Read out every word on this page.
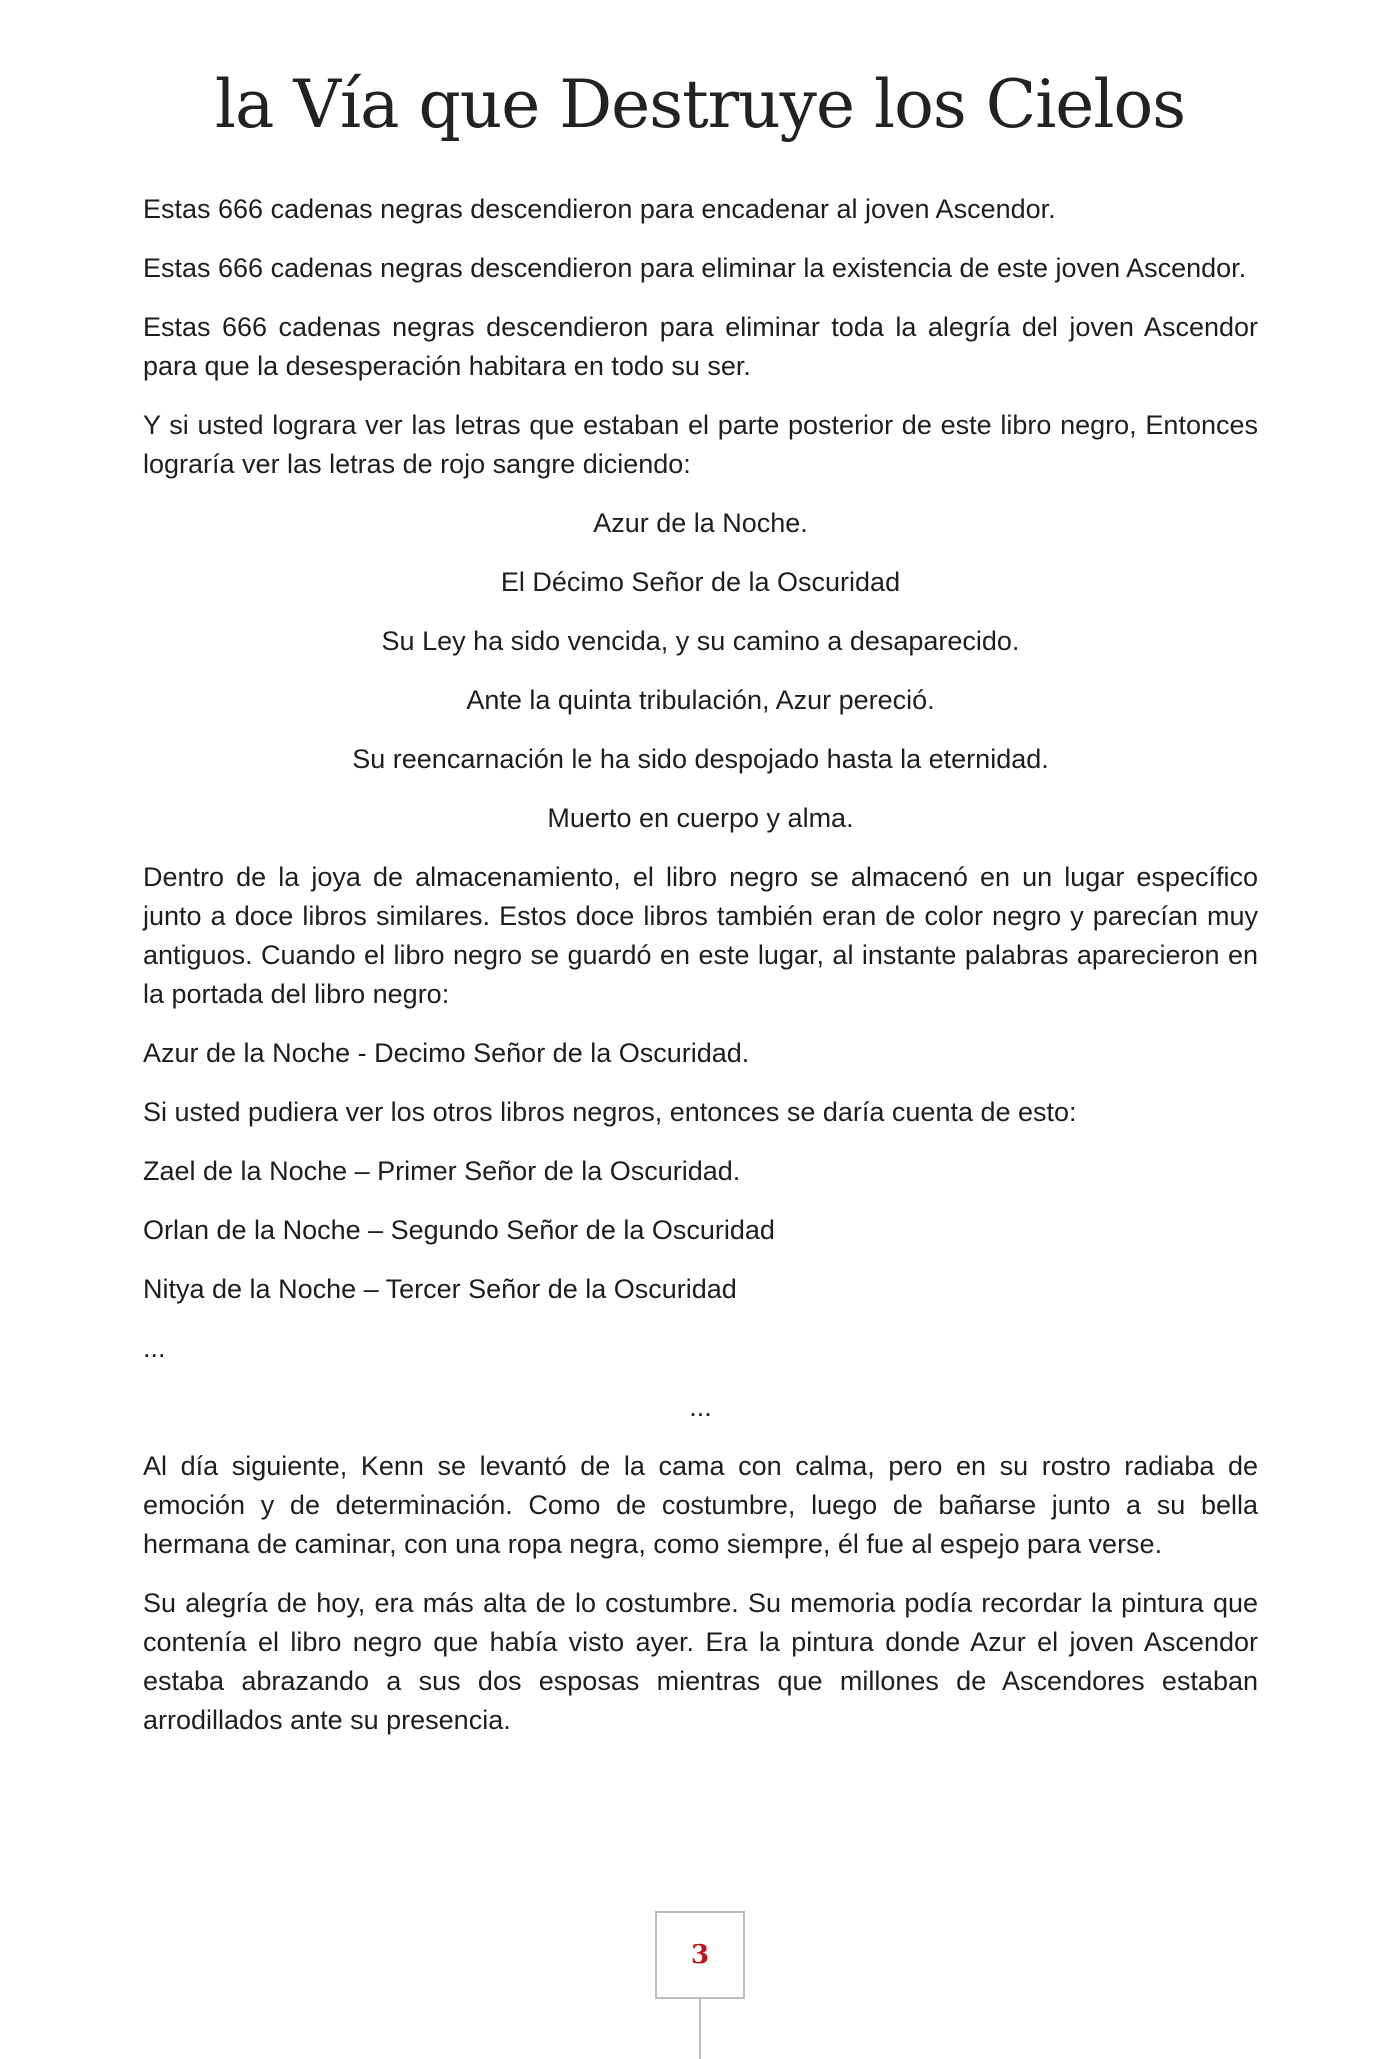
la Vía que Destruye los Cielos

Estas 666 cadenas negras descendieron para encadenar al joven Ascendor.

Estas 666 cadenas negras descendieron para eliminar la existencia de este joven Ascendor.

Estas 666 cadenas negras descendieron para eliminar toda la alegría del joven Ascendor para que la desesperación habitara en todo su ser.

Y si usted lograra ver las letras que estaban el parte posterior de este libro negro, Entonces lograría ver las letras de rojo sangre diciendo:

Azur de la Noche.

El Décimo Señor de la Oscuridad

Su Ley ha sido vencida, y su camino a desaparecido.

Ante la quinta tribulación, Azur pereció.

Su reencarnación le ha sido despojado hasta la eternidad.

Muerto en cuerpo y alma.

Dentro de la joya de almacenamiento, el libro negro se almacenó en un lugar específico junto a doce libros similares. Estos doce libros también eran de color negro y parecían muy antiguos. Cuando el libro negro se guardó en este lugar, al instante palabras aparecieron en la portada del libro negro:

Azur de la Noche - Decimo Señor de la Oscuridad.

Si usted pudiera ver los otros libros negros, entonces se daría cuenta de esto:

Zael de la Noche – Primer Señor de la Oscuridad.

Orlan de la Noche – Segundo Señor de la Oscuridad

Nitya de la Noche – Tercer Señor de la Oscuridad

...

...

Al día siguiente, Kenn se levantó de la cama con calma, pero en su rostro radiaba de emoción y de determinación. Como de costumbre, luego de bañarse junto a su bella hermana de caminar, con una ropa negra, como siempre, él fue al espejo para verse.

Su alegría de hoy, era más alta de lo costumbre. Su memoria podía recordar la pintura que contenía el libro negro que había visto ayer. Era la pintura donde Azur el joven Ascendor estaba abrazando a sus dos esposas mientras que millones de Ascendores estaban arrodillados ante su presencia.

3
